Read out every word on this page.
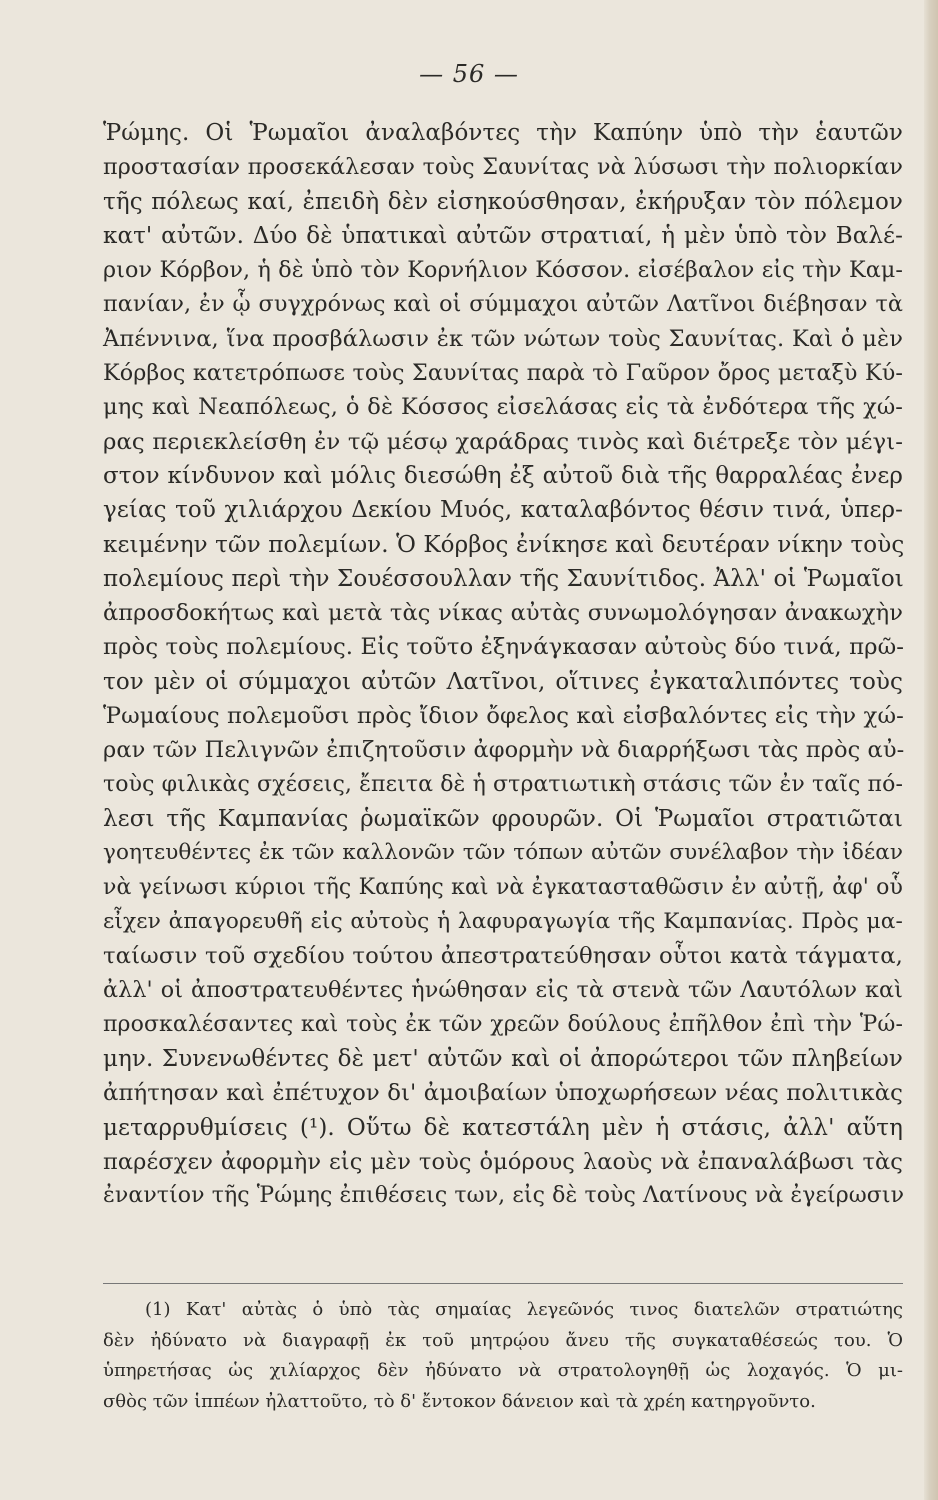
— 56 —
Ῥώμης. Οἱ Ῥωμαῖοι ἀναλαβόντες τὴν Καπύην ὑπὸ τὴν ἑαυτῶν
προστασίαν προσεκάλεσαν τοὺς Σαυνίτας νὰ λύσωσι τὴν πολιορκίαν
τῆς πόλεως καί, ἐπειδὴ δὲν εἰσηκούσθησαν, ἐκήρυξαν τὸν πόλεμον
κατ' αὐτῶν. Δύο δὲ ὑπατικαὶ αὐτῶν στρατιαί, ἡ μὲν ὑπὸ τὸν Βαλέ-
ριον Κόρβον, ἡ δὲ ὑπὸ τὸν Κορνήλιον Κόσσον. εἰσέβαλον εἰς τὴν Καμ-
πανίαν, ἐν ᾧ συγχρόνως καὶ οἱ σύμμαχοι αὐτῶν Λατῖνοι διέβησαν τὰ
Ἀπέννινα, ἵνα προσβάλωσιν ἐκ τῶν νώτων τοὺς Σαυνίτας. Καὶ ὁ μὲν
Κόρβος κατετρόπωσε τοὺς Σαυνίτας παρὰ τὸ Γαῦρον ὄρος μεταξὺ Κύ-
μης καὶ Νεαπόλεως, ὁ δὲ Κόσσος εἰσελάσας εἰς τὰ ἐνδότερα τῆς χώ-
ρας περιεκλείσθη ἐν τῷ μέσῳ χαράδρας τινὸς καὶ διέτρεξε τὸν μέγι-
στον κίνδυνον καὶ μόλις διεσώθη ἐξ αὐτοῦ διὰ τῆς θαρραλέας ἐνερ
γείας τοῦ χιλιάρχου Δεκίου Μυός, καταλαβόντος θέσιν τινά, ὑπερ-
κειμένην τῶν πολεμίων. Ὁ Κόρβος ἐνίκησε καὶ δευτέραν νίκην τοὺς
πολεμίους περὶ τὴν Σουέσσουλλαν τῆς Σαυνίτιδος. Ἀλλ' οἱ Ῥωμαῖοι
ἀπροσδοκήτως καὶ μετὰ τὰς νίκας αὐτὰς συνωμολόγησαν ἀνακωχὴν
πρὸς τοὺς πολεμίους. Εἰς τοῦτο ἐξηνάγκασαν αὐτοὺς δύο τινά, πρῶ-
τον μὲν οἱ σύμμαχοι αὐτῶν Λατῖνοι, οἵτινες ἐγκαταλιπόντες τοὺς
Ῥωμαίους πολεμοῦσι πρὸς ἴδιον ὄφελος καὶ εἰσβαλόντες εἰς τὴν χώ-
ραν τῶν Πελιγνῶν ἐπιζητοῦσιν ἀφορμὴν νὰ διαρρήξωσι τὰς πρὸς αὐ-
τοὺς φιλικὰς σχέσεις, ἔπειτα δὲ ἡ στρατιωτικὴ στάσις τῶν ἐν ταῖς πό-
λεσι τῆς Καμπανίας ῥωμαϊκῶν φρουρῶν. Οἱ Ῥωμαῖοι στρατιῶται
γοητευθέντες ἐκ τῶν καλλονῶν τῶν τόπων αὐτῶν συνέλαβον τὴν ἰδέαν
νὰ γείνωσι κύριοι τῆς Καπύης καὶ νὰ ἐγκατασταθῶσιν ἐν αὐτῇ, ἀφ' οὗ
εἶχεν ἀπαγορευθῆ εἰς αὐτοὺς ἡ λαφυραγωγία τῆς Καμπανίας. Πρὸς μα-
ταίωσιν τοῦ σχεδίου τούτου ἀπεστρατεύθησαν οὗτοι κατὰ τάγματα,
ἀλλ' οἱ ἀποστρατευθέντες ἡνώθησαν εἰς τὰ στενὰ τῶν Λαυτόλων καὶ
προσκαλέσαντες καὶ τοὺς ἐκ τῶν χρεῶν δούλους ἐπῆλθον ἐπὶ τὴν Ῥώ-
μην. Συνενωθέντες δὲ μετ' αὐτῶν καὶ οἱ ἀπορώτεροι τῶν πληβείων
ἀπήτησαν καὶ ἐπέτυχον δι' ἀμοιβαίων ὑποχωρήσεων νέας πολιτικὰς
μεταρρυθμίσεις (¹). Οὕτω δὲ κατεστάλη μὲν ἡ στάσις, ἀλλ' αὕτη
παρέσχεν ἀφορμὴν εἰς μὲν τοὺς ὁμόρους λαοὺς νὰ ἐπαναλάβωσι τὰς
ἐναντίον τῆς Ῥώμης ἐπιθέσεις των, εἰς δὲ τοὺς Λατίνους νὰ ἐγείρωσιν
(1) Κατ' αὐτὰς ὁ ὑπὸ τὰς σημαίας λεγεῶνός τινος διατελῶν στρατιώτης
δὲν ἠδύνατο νὰ διαγραφῇ ἐκ τοῦ μητρῴου ἄνευ τῆς συγκαταθέσεώς του. Ὁ
ὑπηρετήσας ὡς χιλίαρχος δὲν ἠδύνατο νὰ στρατολογηθῇ ὡς λοχαγός. Ὁ μι-
σθὸς τῶν ἱππέων ἠλαττοῦτο, τὸ δ' ἔντοκον δάνειον καὶ τὰ χρέη κατηργοῦντο.
